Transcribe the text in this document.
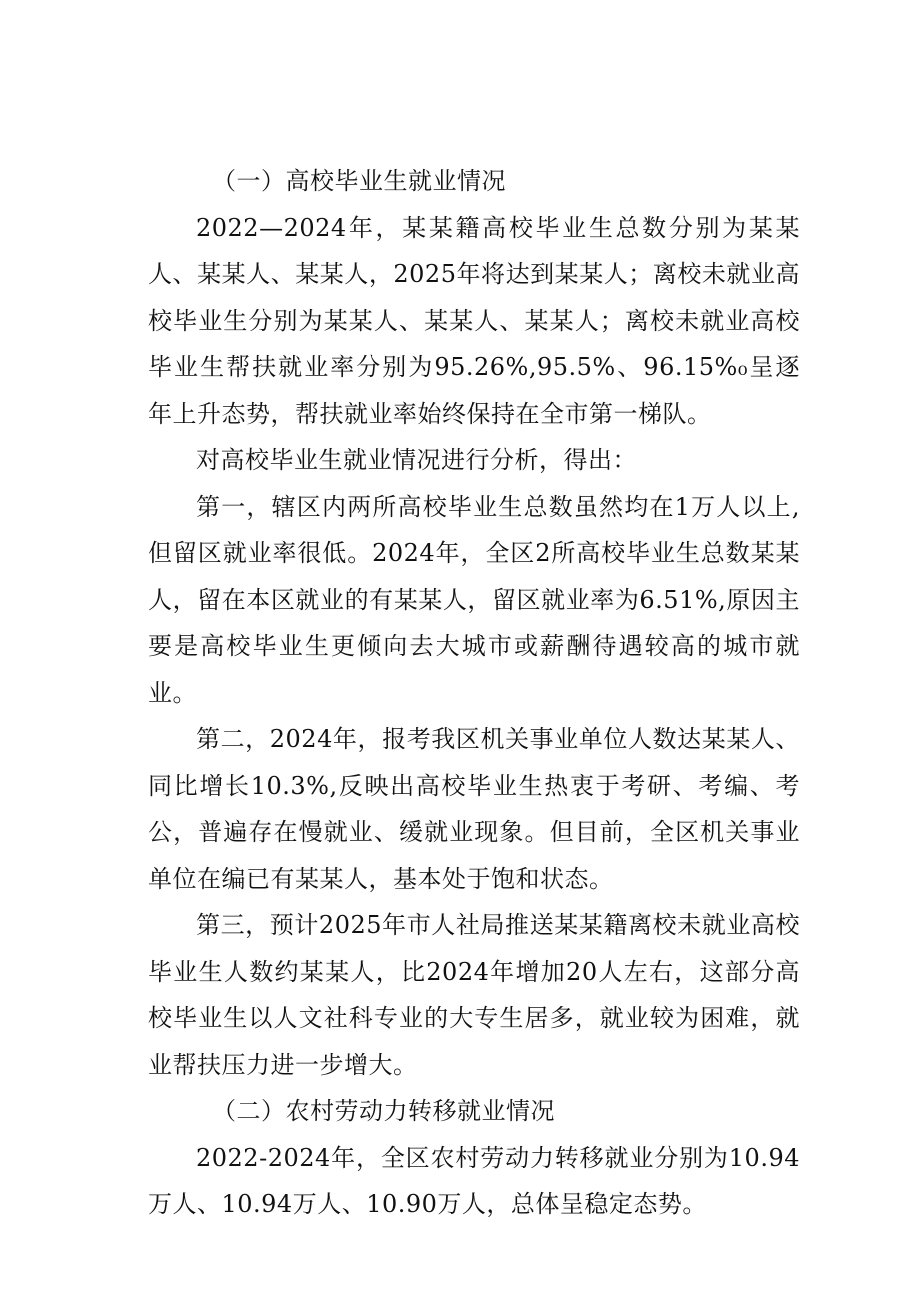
（一）高校毕业生就业情况

2022—2024年，某某籍高校毕业生总数分别为某某人、某某人、某某人，2025年将达到某某人；离校未就业高校毕业生分别为某某人、某某人、某某人；离校未就业高校毕业生帮扶就业率分别为95.26%,95.5%、96.15%₀呈逐年上升态势，帮扶就业率始终保持在全市第一梯队。

对高校毕业生就业情况进行分析，得出：

第一，辖区内两所高校毕业生总数虽然均在1万人以上,但留区就业率很低。2024年，全区2所高校毕业生总数某某人，留在本区就业的有某某人，留区就业率为6.51%,原因主要是高校毕业生更倾向去大城市或薪酬待遇较高的城市就业。

第二，2024年，报考我区机关事业单位人数达某某人、同比增长10.3%,反映出高校毕业生热衷于考研、考编、考公，普遍存在慢就业、缓就业现象。但目前，全区机关事业单位在编已有某某人，基本处于饱和状态。

第三，预计2025年市人社局推送某某籍离校未就业高校毕业生人数约某某人，比2024年增加20人左右，这部分高校毕业生以人文社科专业的大专生居多，就业较为困难，就业帮扶压力进一步增大。

（二）农村劳动力转移就业情况

2022-2024年，全区农村劳动力转移就业分别为10.94万人、10.94万人、10.90万人，总体呈稳定态势。
